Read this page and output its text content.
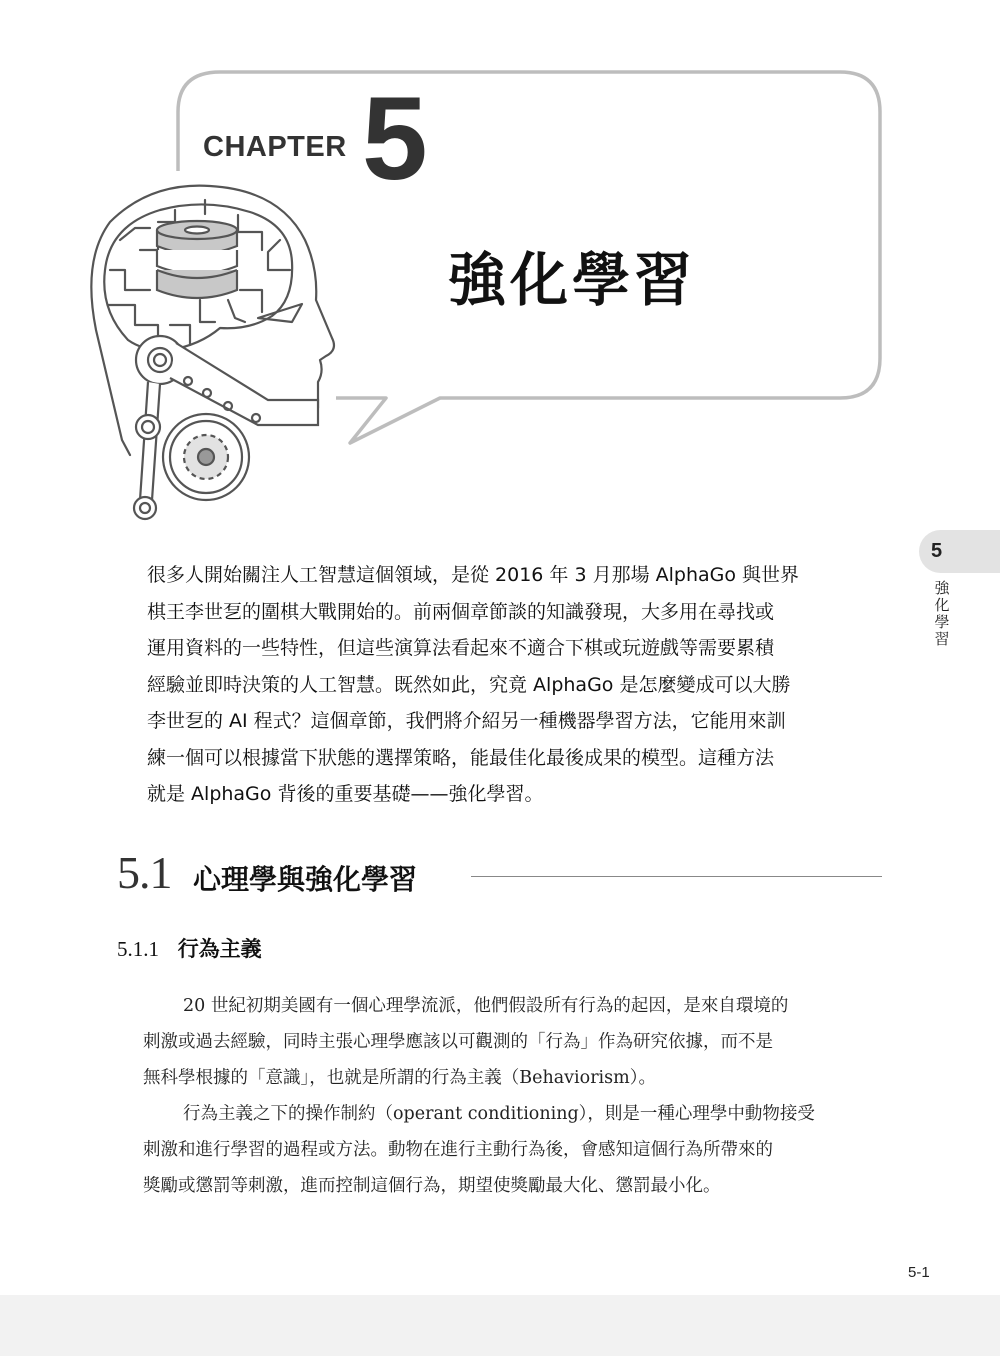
CHAPTER 5
強化學習
5
強
化
學
習
很多人開始關注人工智慧這個領域，是從 2016 年 3 月那場 AlphaGo 與世界
棋王李世乭的圍棋大戰開始的。前兩個章節談的知識發現，大多用在尋找或
運用資料的一些特性，但這些演算法看起來不適合下棋或玩遊戲等需要累積
經驗並即時決策的人工智慧。既然如此，究竟 AlphaGo 是怎麼變成可以大勝
李世乭的 AI 程式？這個章節，我們將介紹另一種機器學習方法，它能用來訓
練一個可以根據當下狀態的選擇策略，能最佳化最後成果的模型。這種方法
就是 AlphaGo 背後的重要基礎——強化學習。
5.1 心理學與強化學習
5.1.1 行為主義
20 世紀初期美國有一個心理學流派，他們假設所有行為的起因，是來自環境的
刺激或過去經驗，同時主張心理學應該以可觀測的「行為」作為研究依據，而不是
無科學根據的「意識」，也就是所謂的行為主義（Behaviorism）。
行為主義之下的操作制約（operant conditioning），則是一種心理學中動物接受
刺激和進行學習的過程或方法。動物在進行主動行為後，會感知這個行為所帶來的
獎勵或懲罰等刺激，進而控制這個行為，期望使獎勵最大化、懲罰最小化。
5-1
